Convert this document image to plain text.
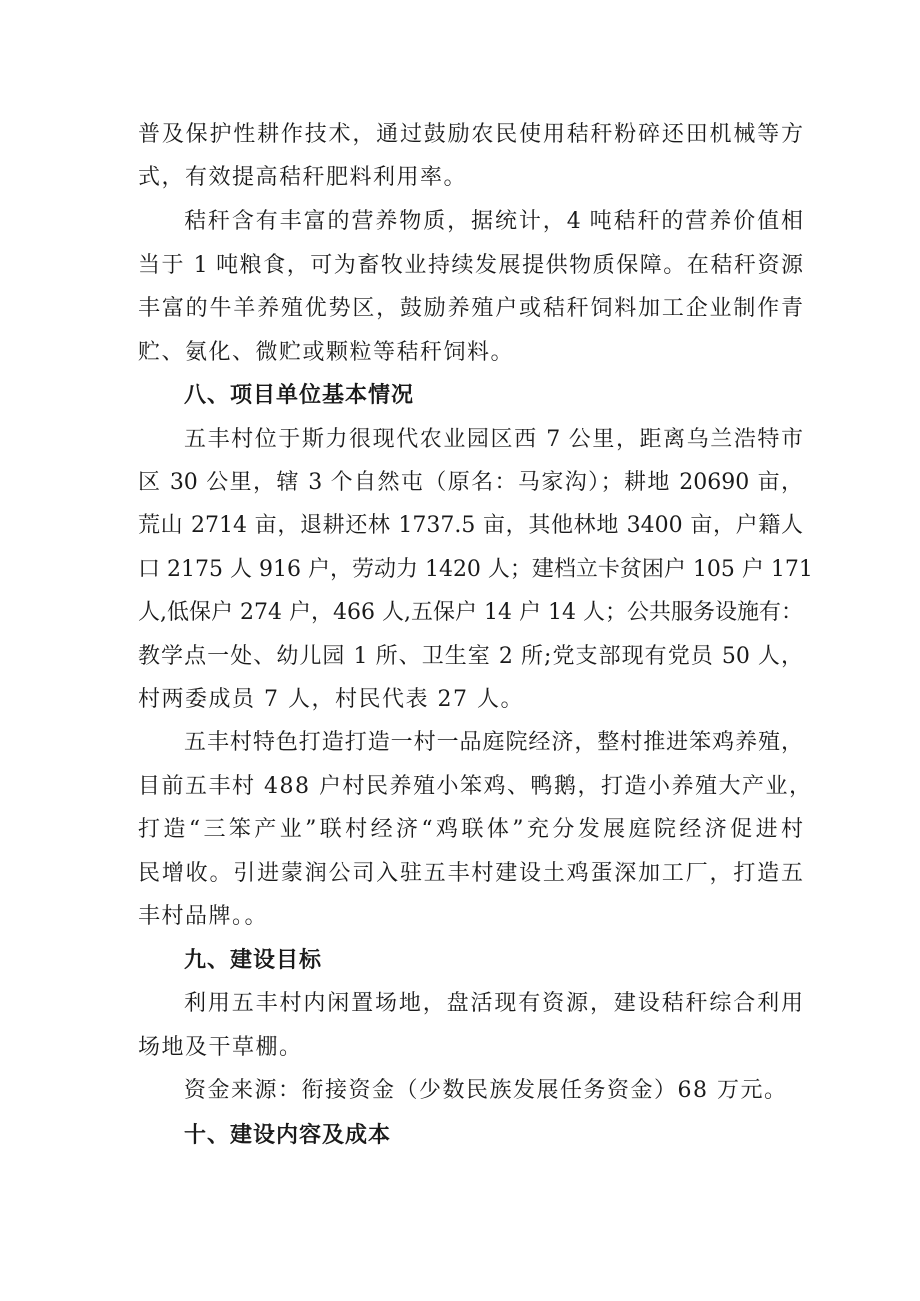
普及保护性耕作技术，通过鼓励农民使用秸秆粉碎还田机械等方
式，有效提高秸秆肥料利用率。
秸秆含有丰富的营养物质，据统计，4 吨秸秆的营养价值相
当于 1 吨粮食，可为畜牧业持续发展提供物质保障。在秸秆资源
丰富的牛羊养殖优势区，鼓励养殖户或秸秆饲料加工企业制作青
贮、氨化、微贮或颗粒等秸秆饲料。
八、项目单位基本情况
五丰村位于斯力很现代农业园区西 7 公里，距离乌兰浩特市
区 30 公里，辖 3 个自然屯（原名：马家沟）；耕地 20690 亩，
荒山 2714 亩，退耕还林 1737.5 亩，其他林地 3400 亩，户籍人
口 2175 人 916 户，劳动力 1420 人；建档立卡贫困户 105 户 171
人,低保户 274 户，466 人,五保户 14 户 14 人；公共服务设施有：
教学点一处、幼儿园 1 所、卫生室 2 所;党支部现有党员 50 人，
村两委成员 7 人，村民代表 27 人。
五丰村特色打造打造一村一品庭院经济，整村推进笨鸡养殖，
目前五丰村 488 户村民养殖小笨鸡、鸭鹅，打造小养殖大产业，
打造“三笨产业”联村经济“鸡联体”充分发展庭院经济促进村
民增收。引进蒙润公司入驻五丰村建设土鸡蛋深加工厂，打造五
丰村品牌。。
九、建设目标
利用五丰村内闲置场地，盘活现有资源，建设秸秆综合利用
场地及干草棚。
资金来源：衔接资金（少数民族发展任务资金）68 万元。
十、建设内容及成本
